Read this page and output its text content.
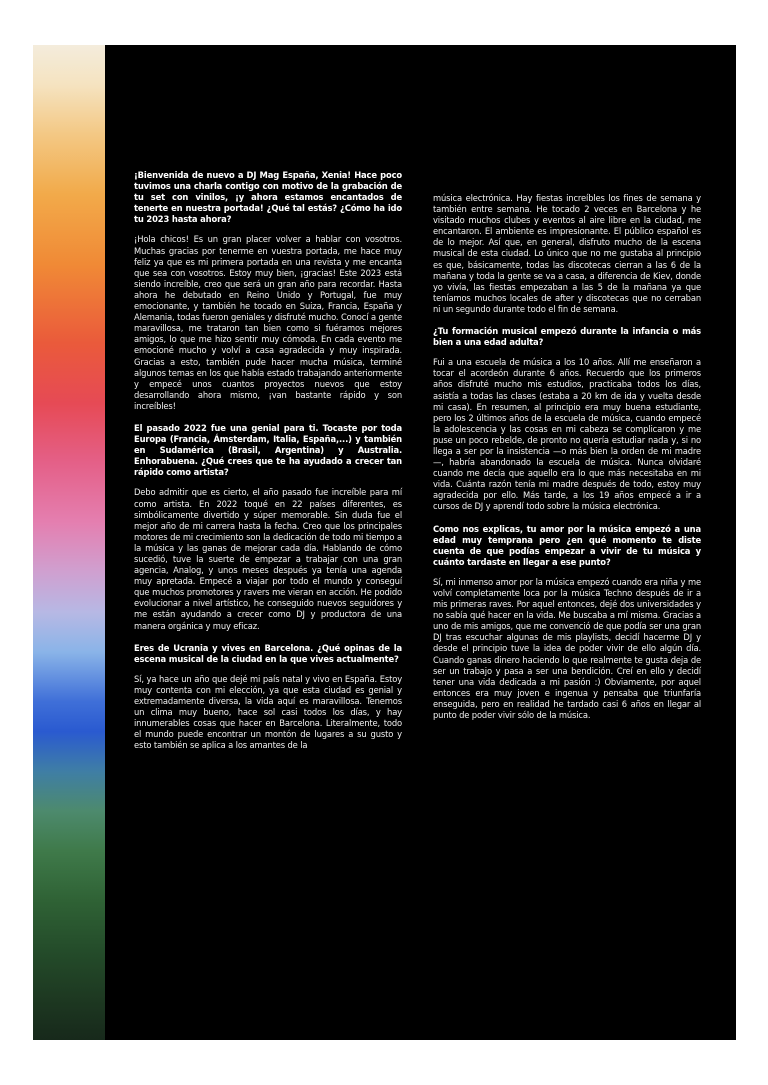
¡Bienvenida de nuevo a DJ Mag España, Xenia! Hace poco tuvimos una charla contigo con motivo de la grabación de tu set con vinilos, ¡y ahora estamos encantados de tenerte en nuestra portada! ¿Qué tal estás? ¿Cómo ha ido tu 2023 hasta ahora?

¡Hola chicos! Es un gran placer volver a hablar con vosotros. Muchas gracias por tenerme en vuestra portada, me hace muy feliz ya que es mi primera portada en una revista y me encanta que sea con vosotros. Estoy muy bien, ¡gracias! Este 2023 está siendo increíble, creo que será un gran año para recordar. Hasta ahora he debutado en Reino Unido y Portugal, fue muy emocionante, y también he tocado en Suiza, Francia, España y Alemania, todas fueron geniales y disfruté mucho. Conocí a gente maravillosa, me trataron tan bien como si fuéramos mejores amigos, lo que me hizo sentir muy cómoda. En cada evento me emocioné mucho y volví a casa agradecida y muy inspirada. Gracias a esto, también pude hacer mucha música, terminé algunos temas en los que había estado trabajando anteriormente y empecé unos cuantos proyectos nuevos que estoy desarrollando ahora mismo, ¡van bastante rápido y son increíbles!

El pasado 2022 fue una genial para ti. Tocaste por toda Europa (Francia, Ámsterdam, Italia, España,...) y también en Sudamérica (Brasil, Argentina) y Australia. Enhorabuena. ¿Qué crees que te ha ayudado a crecer tan rápido como artista?

Debo admitir que es cierto, el año pasado fue increíble para mí como artista. En 2022 toqué en 22 países diferentes, es simbólicamente divertido y súper memorable. Sin duda fue el mejor año de mi carrera hasta la fecha. Creo que los principales motores de mi crecimiento son la dedicación de todo mi tiempo a la música y las ganas de mejorar cada día. Hablando de cómo sucedió, tuve la suerte de empezar a trabajar con una gran agencia, Analog, y unos meses después ya tenía una agenda muy apretada. Empecé a viajar por todo el mundo y conseguí que muchos promotores y ravers me vieran en acción. He podido evolucionar a nivel artístico, he conseguido nuevos seguidores y me están ayudando a crecer como DJ y productora de una manera orgánica y muy eficaz.

Eres de Ucrania y vives en Barcelona. ¿Qué opinas de la escena musical de la ciudad en la que vives actualmente?

Sí, ya hace un año que dejé mi país natal y vivo en España. Estoy muy contenta con mi elección, ya que esta ciudad es genial y extremadamente diversa, la vida aquí es maravillosa. Tenemos un clima muy bueno, hace sol casi todos los días, y hay innumerables cosas que hacer en Barcelona. Literalmente, todo el mundo puede encontrar un montón de lugares a su gusto y esto también se aplica a los amantes de la

música electrónica. Hay fiestas increíbles los fines de semana y también entre semana. He tocado 2 veces en Barcelona y he visitado muchos clubes y eventos al aire libre en la ciudad, me encantaron. El ambiente es impresionante. El público español es de lo mejor. Así que, en general, disfruto mucho de la escena musical de esta ciudad. Lo único que no me gustaba al principio es que, básicamente, todas las discotecas cierran a las 6 de la mañana y toda la gente se va a casa, a diferencia de Kiev, donde yo vivía, las fiestas empezaban a las 5 de la mañana ya que teníamos muchos locales de after y discotecas que no cerraban ni un segundo durante todo el fin de semana.

¿Tu formación musical empezó durante la infancia o más bien a una edad adulta?

Fui a una escuela de música a los 10 años. Allí me enseñaron a tocar el acordeón durante 6 años. Recuerdo que los primeros años disfruté mucho mis estudios, practicaba todos los días, asistía a todas las clases (estaba a 20 km de ida y vuelta desde mi casa). En resumen, al principio era muy buena estudiante, pero los 2 últimos años de la escuela de música, cuando empecé la adolescencia y las cosas en mi cabeza se complicaron y me puse un poco rebelde, de pronto no quería estudiar nada y, si no llega a ser por la insistencia —o más bien la orden de mi madre—, habría abandonado la escuela de música. Nunca olvidaré cuando me decía que aquello era lo que más necesitaba en mi vida. Cuánta razón tenía mi madre después de todo, estoy muy agradecida por ello. Más tarde, a los 19 años empecé a ir a cursos de DJ y aprendí todo sobre la música electrónica.

Como nos explicas, tu amor por la música empezó a una edad muy temprana pero ¿en qué momento te diste cuenta de que podías empezar a vivir de tu música y cuánto tardaste en llegar a ese punto?

Sí, mi inmenso amor por la música empezó cuando era niña y me volví completamente loca por la música Techno después de ir a mis primeras raves. Por aquel entonces, dejé dos universidades y no sabía qué hacer en la vida. Me buscaba a mí misma. Gracias a uno de mis amigos, que me convenció de que podía ser una gran DJ tras escuchar algunas de mis playlists, decidí hacerme DJ y desde el principio tuve la idea de poder vivir de ello algún día. Cuando ganas dinero haciendo lo que realmente te gusta deja de ser un trabajo y pasa a ser una bendición. Creí en ello y decidí tener una vida dedicada a mi pasión :) Obviamente, por aquel entonces era muy joven e ingenua y pensaba que triunfaría enseguida, pero en realidad he tardado casi 6 años en llegar al punto de poder vivir sólo de la música.
